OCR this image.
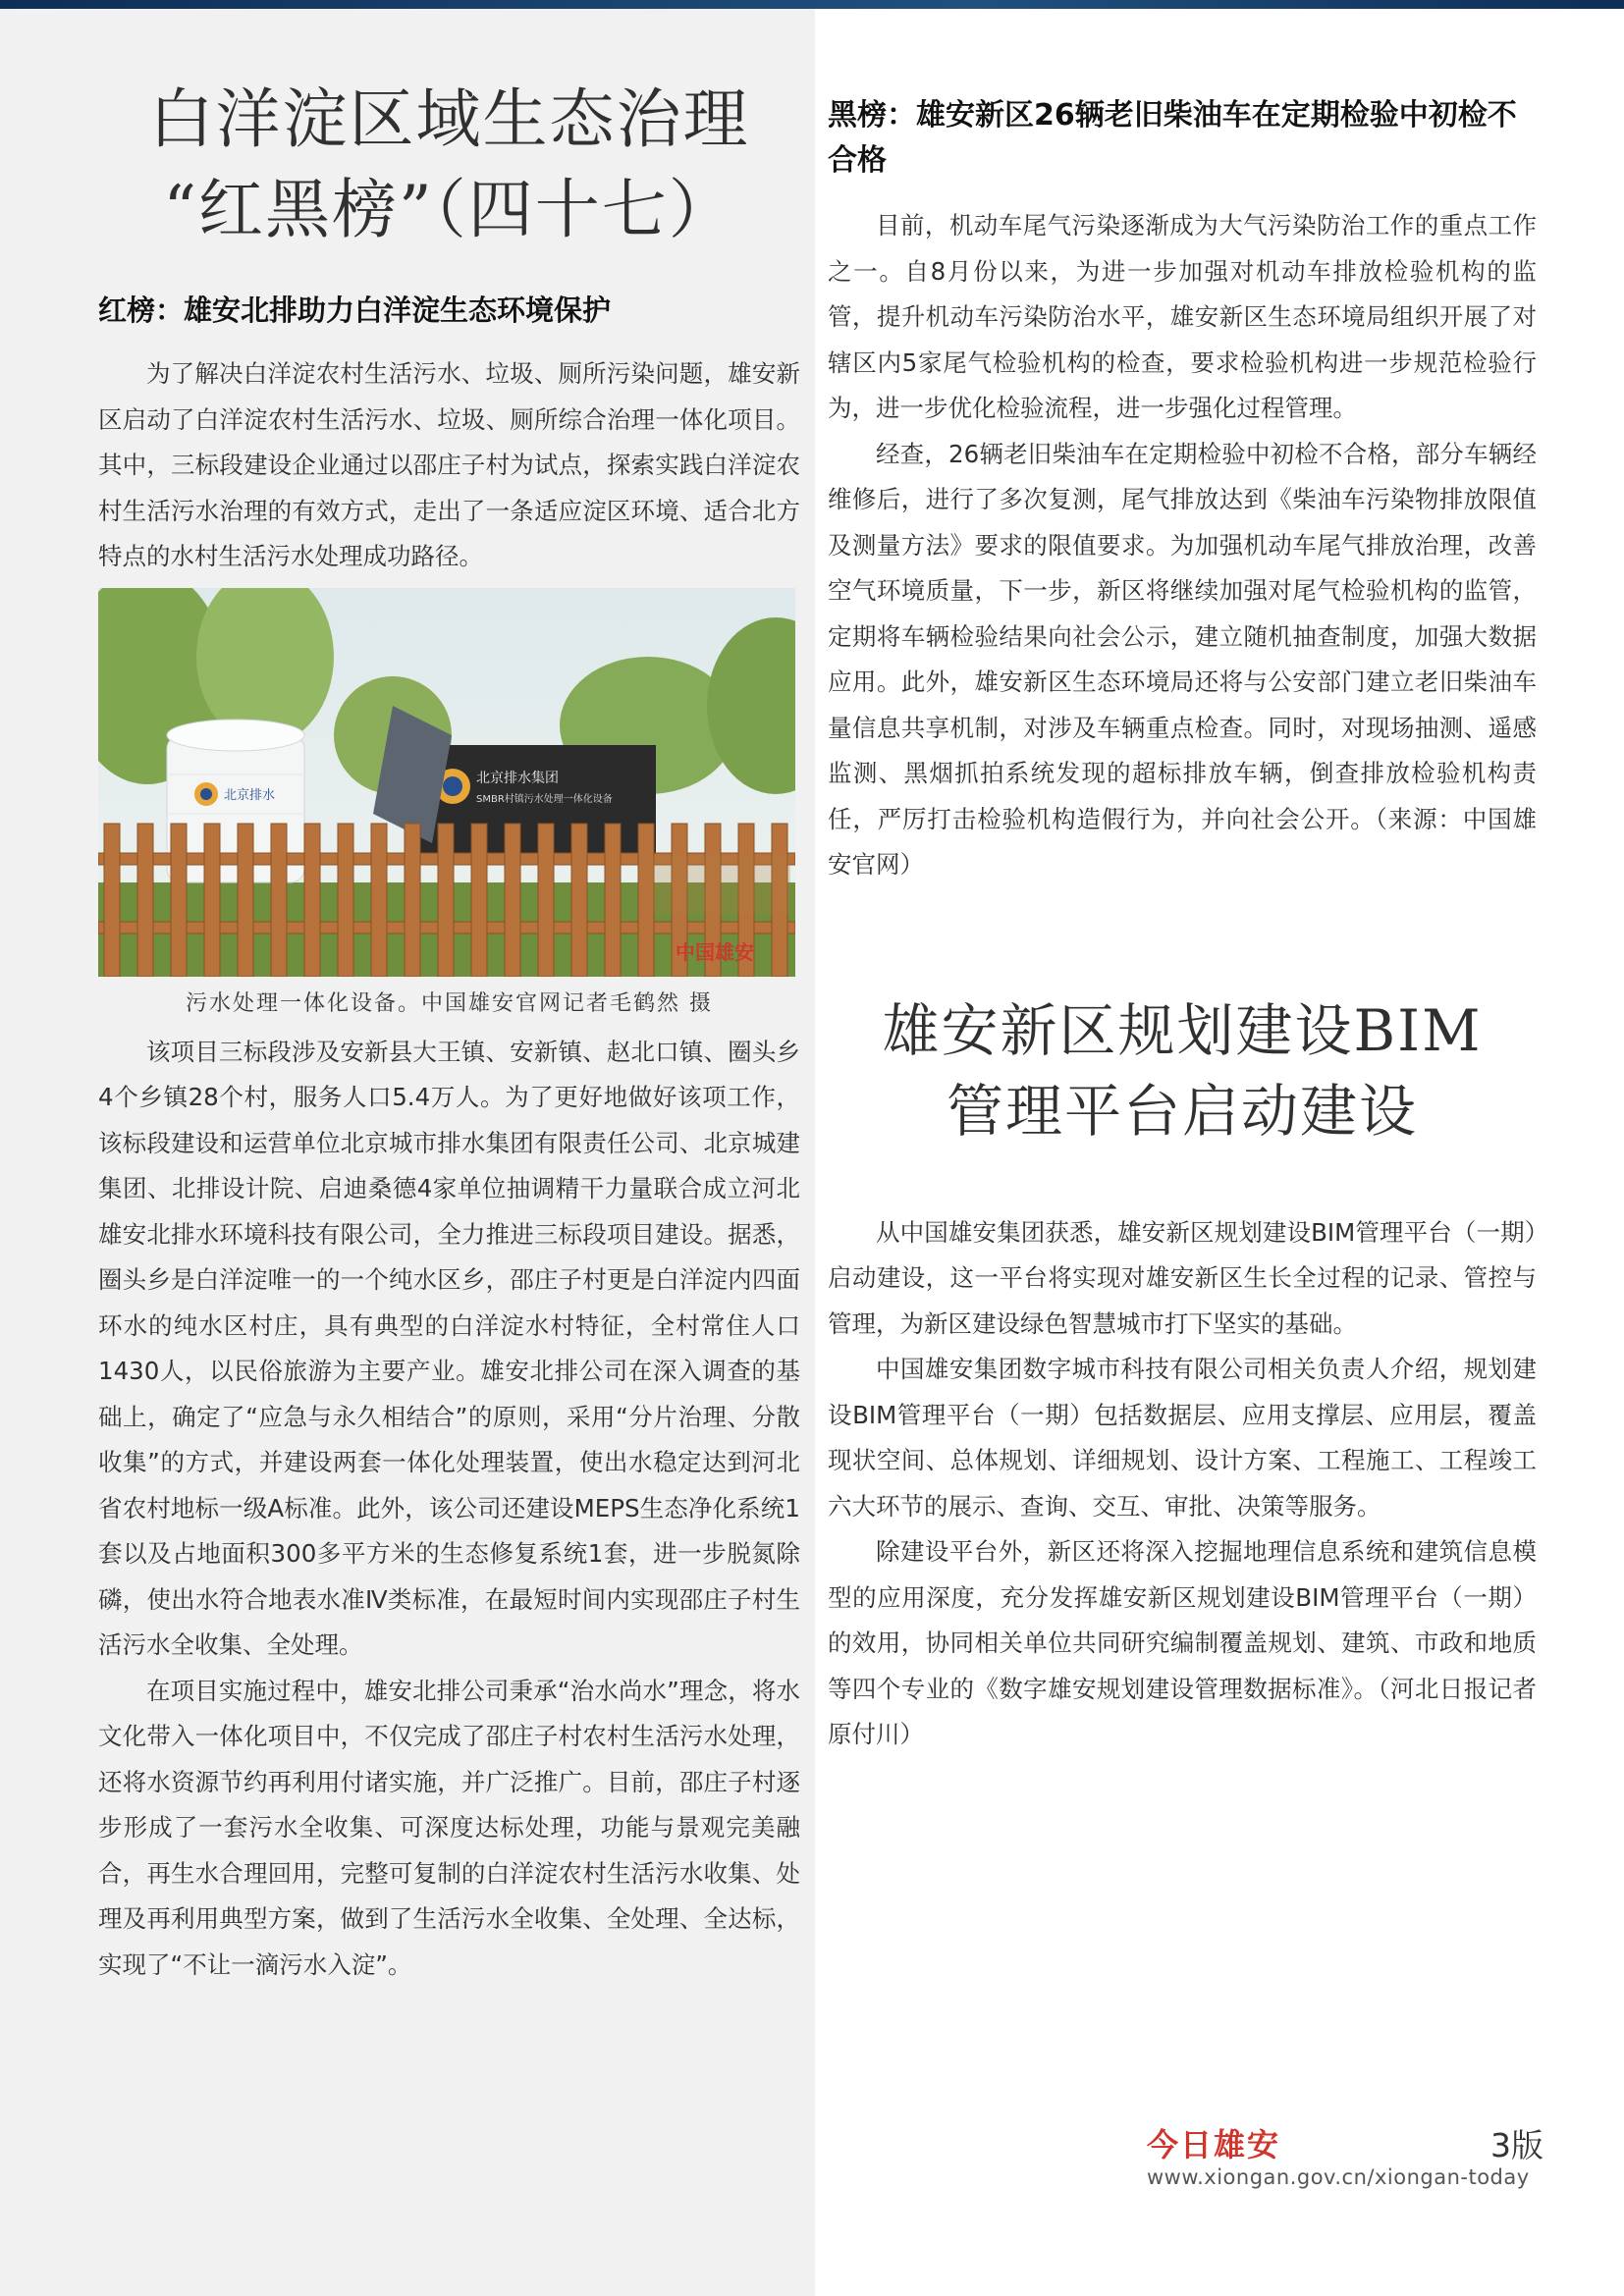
白洋淀区域生态治理
“红黑榜”（四十七）
红榜：雄安北排助力白洋淀生态环境保护

为了解决白洋淀农村生活污水、垃圾、厕所污染问题，雄安新区启动了白洋淀农村生活污水、垃圾、厕所综合治理一体化项目。其中，三标段建设企业通过以邵庄子村为试点，探索实践白洋淀农村生活污水治理的有效方式，走出了一条适应淀区环境、适合北方特点的水村生活污水处理成功路径。

北京排水集团
SMBR村镇污水处理一体化设备
北京排水
中国雄安

污水处理一体化设备。中国雄安官网记者毛鹤然 摄

该项目三标段涉及安新县大王镇、安新镇、赵北口镇、圈头乡4个乡镇28个村，服务人口5.4万人。为了更好地做好该项工作，该标段建设和运营单位北京城市排水集团有限责任公司、北京城建集团、北排设计院、启迪桑德4家单位抽调精干力量联合成立河北雄安北排水环境科技有限公司，全力推进三标段项目建设。据悉，圈头乡是白洋淀唯一的一个纯水区乡，邵庄子村更是白洋淀内四面环水的纯水区村庄，具有典型的白洋淀水村特征，全村常住人口1430人，以民俗旅游为主要产业。雄安北排公司在深入调查的基础上，确定了“应急与永久相结合”的原则，采用“分片治理、分散收集”的方式，并建设两套一体化处理装置，使出水稳定达到河北省农村地标一级A标准。此外，该公司还建设MEPS生态净化系统1套以及占地面积300多平方米的生态修复系统1套，进一步脱氮除磷，使出水符合地表水准Ⅳ类标准，在最短时间内实现邵庄子村生活污水全收集、全处理。

在项目实施过程中，雄安北排公司秉承“治水尚水”理念，将水文化带入一体化项目中，不仅完成了邵庄子村农村生活污水处理，还将水资源节约再利用付诸实施，并广泛推广。目前，邵庄子村逐步形成了一套污水全收集、可深度达标处理，功能与景观完美融合，再生水合理回用，完整可复制的白洋淀农村生活污水收集、处理及再利用典型方案，做到了生活污水全收集、全处理、全达标，实现了“不让一滴污水入淀”。

黑榜：雄安新区26辆老旧柴油车在定期检验中初检不合格

目前，机动车尾气污染逐渐成为大气污染防治工作的重点工作之一。自8月份以来，为进一步加强对机动车排放检验机构的监管，提升机动车污染防治水平，雄安新区生态环境局组织开展了对辖区内5家尾气检验机构的检查，要求检验机构进一步规范检验行为，进一步优化检验流程，进一步强化过程管理。

经查，26辆老旧柴油车在定期检验中初检不合格，部分车辆经维修后，进行了多次复测，尾气排放达到《柴油车污染物排放限值及测量方法》要求的限值要求。为加强机动车尾气排放治理，改善空气环境质量，下一步，新区将继续加强对尾气检验机构的监管，定期将车辆检验结果向社会公示，建立随机抽查制度，加强大数据应用。此外，雄安新区生态环境局还将与公安部门建立老旧柴油车量信息共享机制，对涉及车辆重点检查。同时，对现场抽测、遥感监测、黑烟抓拍系统发现的超标排放车辆，倒查排放检验机构责任，严厉打击检验机构造假行为，并向社会公开。（来源：中国雄安官网）

雄安新区规划建设BIM
管理平台启动建设

从中国雄安集团获悉，雄安新区规划建设BIM管理平台（一期）启动建设，这一平台将实现对雄安新区生长全过程的记录、管控与管理，为新区建设绿色智慧城市打下坚实的基础。

中国雄安集团数字城市科技有限公司相关负责人介绍，规划建设BIM管理平台（一期）包括数据层、应用支撑层、应用层，覆盖现状空间、总体规划、详细规划、设计方案、工程施工、工程竣工六大环节的展示、查询、交互、审批、决策等服务。

除建设平台外，新区还将深入挖掘地理信息系统和建筑信息模型的应用深度，充分发挥雄安新区规划建设BIM管理平台（一期）的效用，协同相关单位共同研究编制覆盖规划、建筑、市政和地质等四个专业的《数字雄安规划建设管理数据标准》。（河北日报记者 原付川）

今日雄安	3版
www.xiongan.gov.cn/xiongan-today
